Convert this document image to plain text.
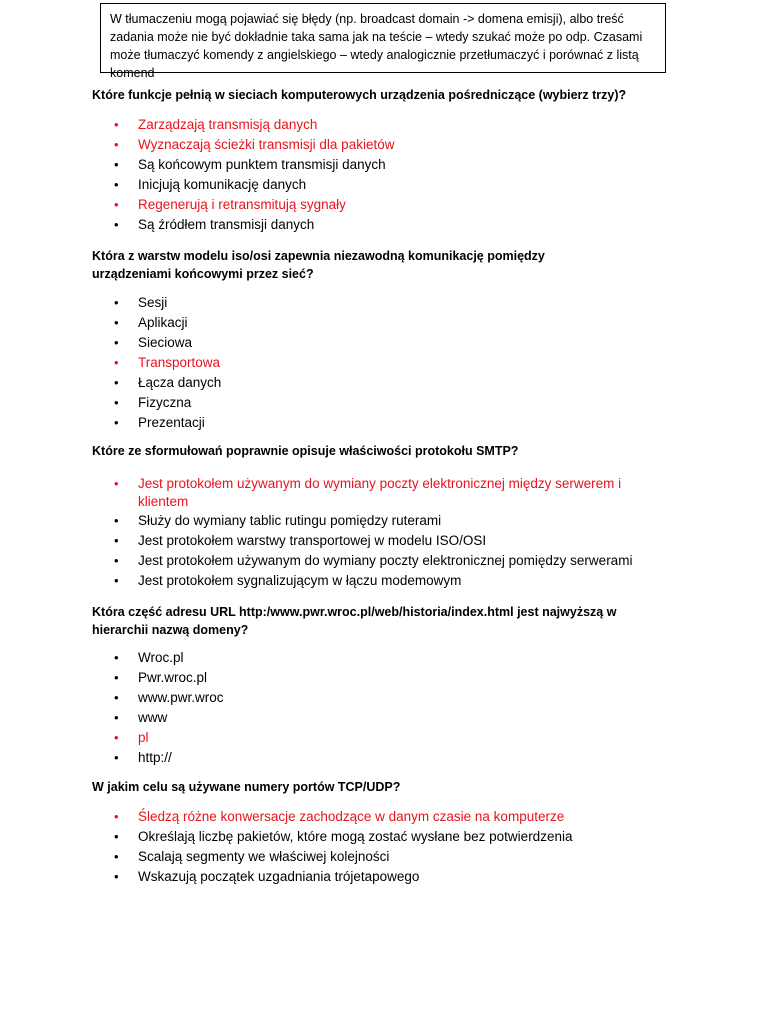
W tłumaczeniu mogą pojawiać się błędy (np. broadcast domain -> domena emisji), albo treść zadania może nie być dokładnie taka sama jak na teście – wtedy szukać może po odp. Czasami może tłumaczyć komendy z angielskiego – wtedy analogicznie przetłumaczyć i porównać z listą komend

Które funkcje pełnią w sieciach komputerowych urządzenia pośredniczące (wybierz trzy)?

• Zarządzają transmisją danych
• Wyznaczają ścieżki transmisji dla pakietów
• Są końcowym punktem transmisji danych
• Inicjują komunikację danych
• Regenerują i retransmitują sygnały
• Są źródłem transmisji danych

Która z warstw modelu iso/osi zapewnia niezawodną komunikację pomiędzy urządzeniami końcowymi przez sieć?

• Sesji
• Aplikacji
• Sieciowa
• Transportowa
• Łącza danych
• Fizyczna
• Prezentacji

Które ze sformułowań poprawnie opisuje właściwości protokołu SMTP?

• Jest protokołem używanym do wymiany poczty elektronicznej między serwerem i klientem
• Służy do wymiany tablic rutingu pomiędzy ruterami
• Jest protokołem warstwy transportowej w modelu ISO/OSI
• Jest protokołem używanym do wymiany poczty elektronicznej pomiędzy serwerami
• Jest protokołem sygnalizującym w łączu modemowym

Która część adresu URL http:/www.pwr.wroc.pl/web/historia/index.html jest najwyższą w hierarchii nazwą domeny?

• Wroc.pl
• Pwr.wroc.pl
• www.pwr.wroc
• www
• pl
• http://

W jakim celu są używane numery portów TCP/UDP?

• Śledzą różne konwersacje zachodzące w danym czasie na komputerze
• Określają liczbę pakietów, które mogą zostać wysłane bez potwierdzenia
• Scalają segmenty we właściwej kolejności
• Wskazują początek uzgadniania trójetapowego
